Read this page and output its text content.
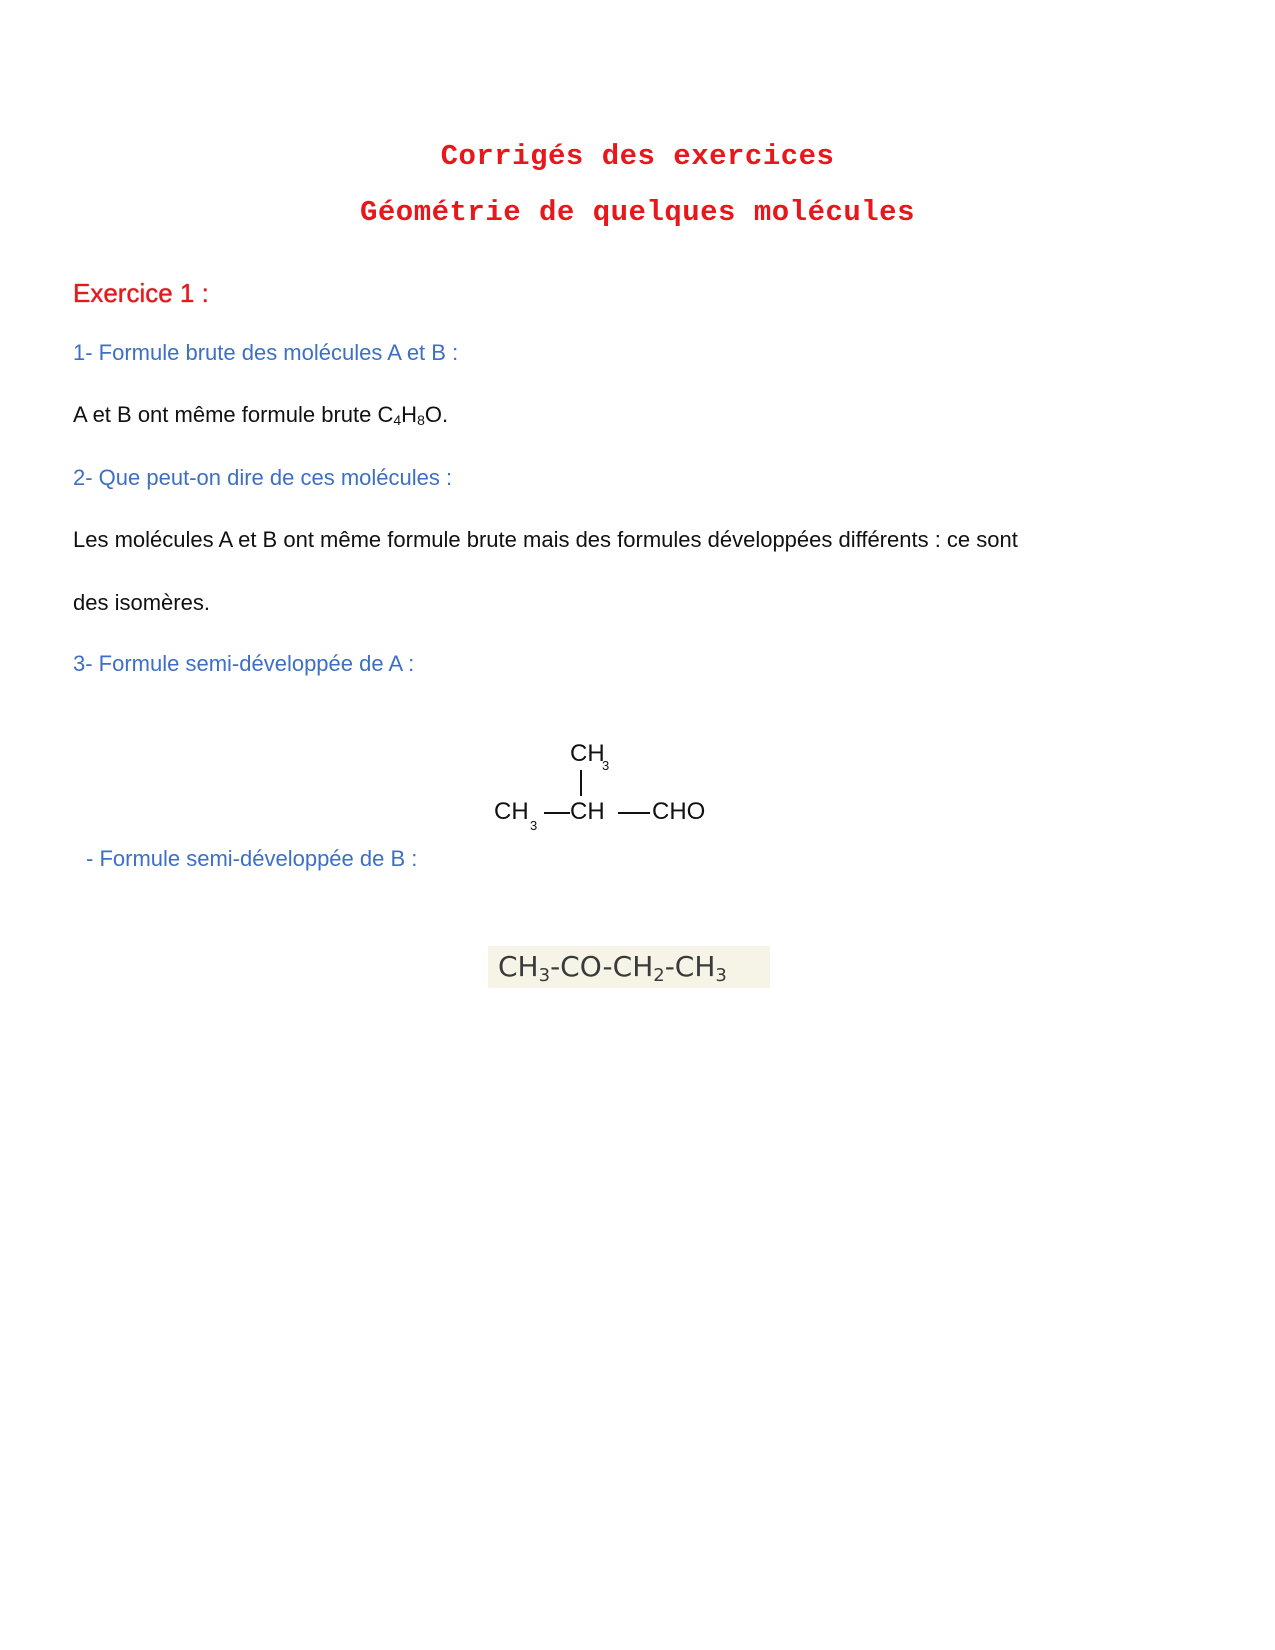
Corrigés des exercices
Géométrie de quelques molécules
Exercice 1 :
1- Formule brute des molécules A et B :
A et B ont même formule brute $C_4H_8O$.
2- Que peut-on dire de ces molécules :
Les molécules A et B ont même formule brute mais des formules développées différents : ce sont
des isomères.
3- Formule semi-développée de A :
CH
3
CH
3
CH CHO
- Formule semi-développée de B :
$CH_3-CO-CH_2-CH_3$
